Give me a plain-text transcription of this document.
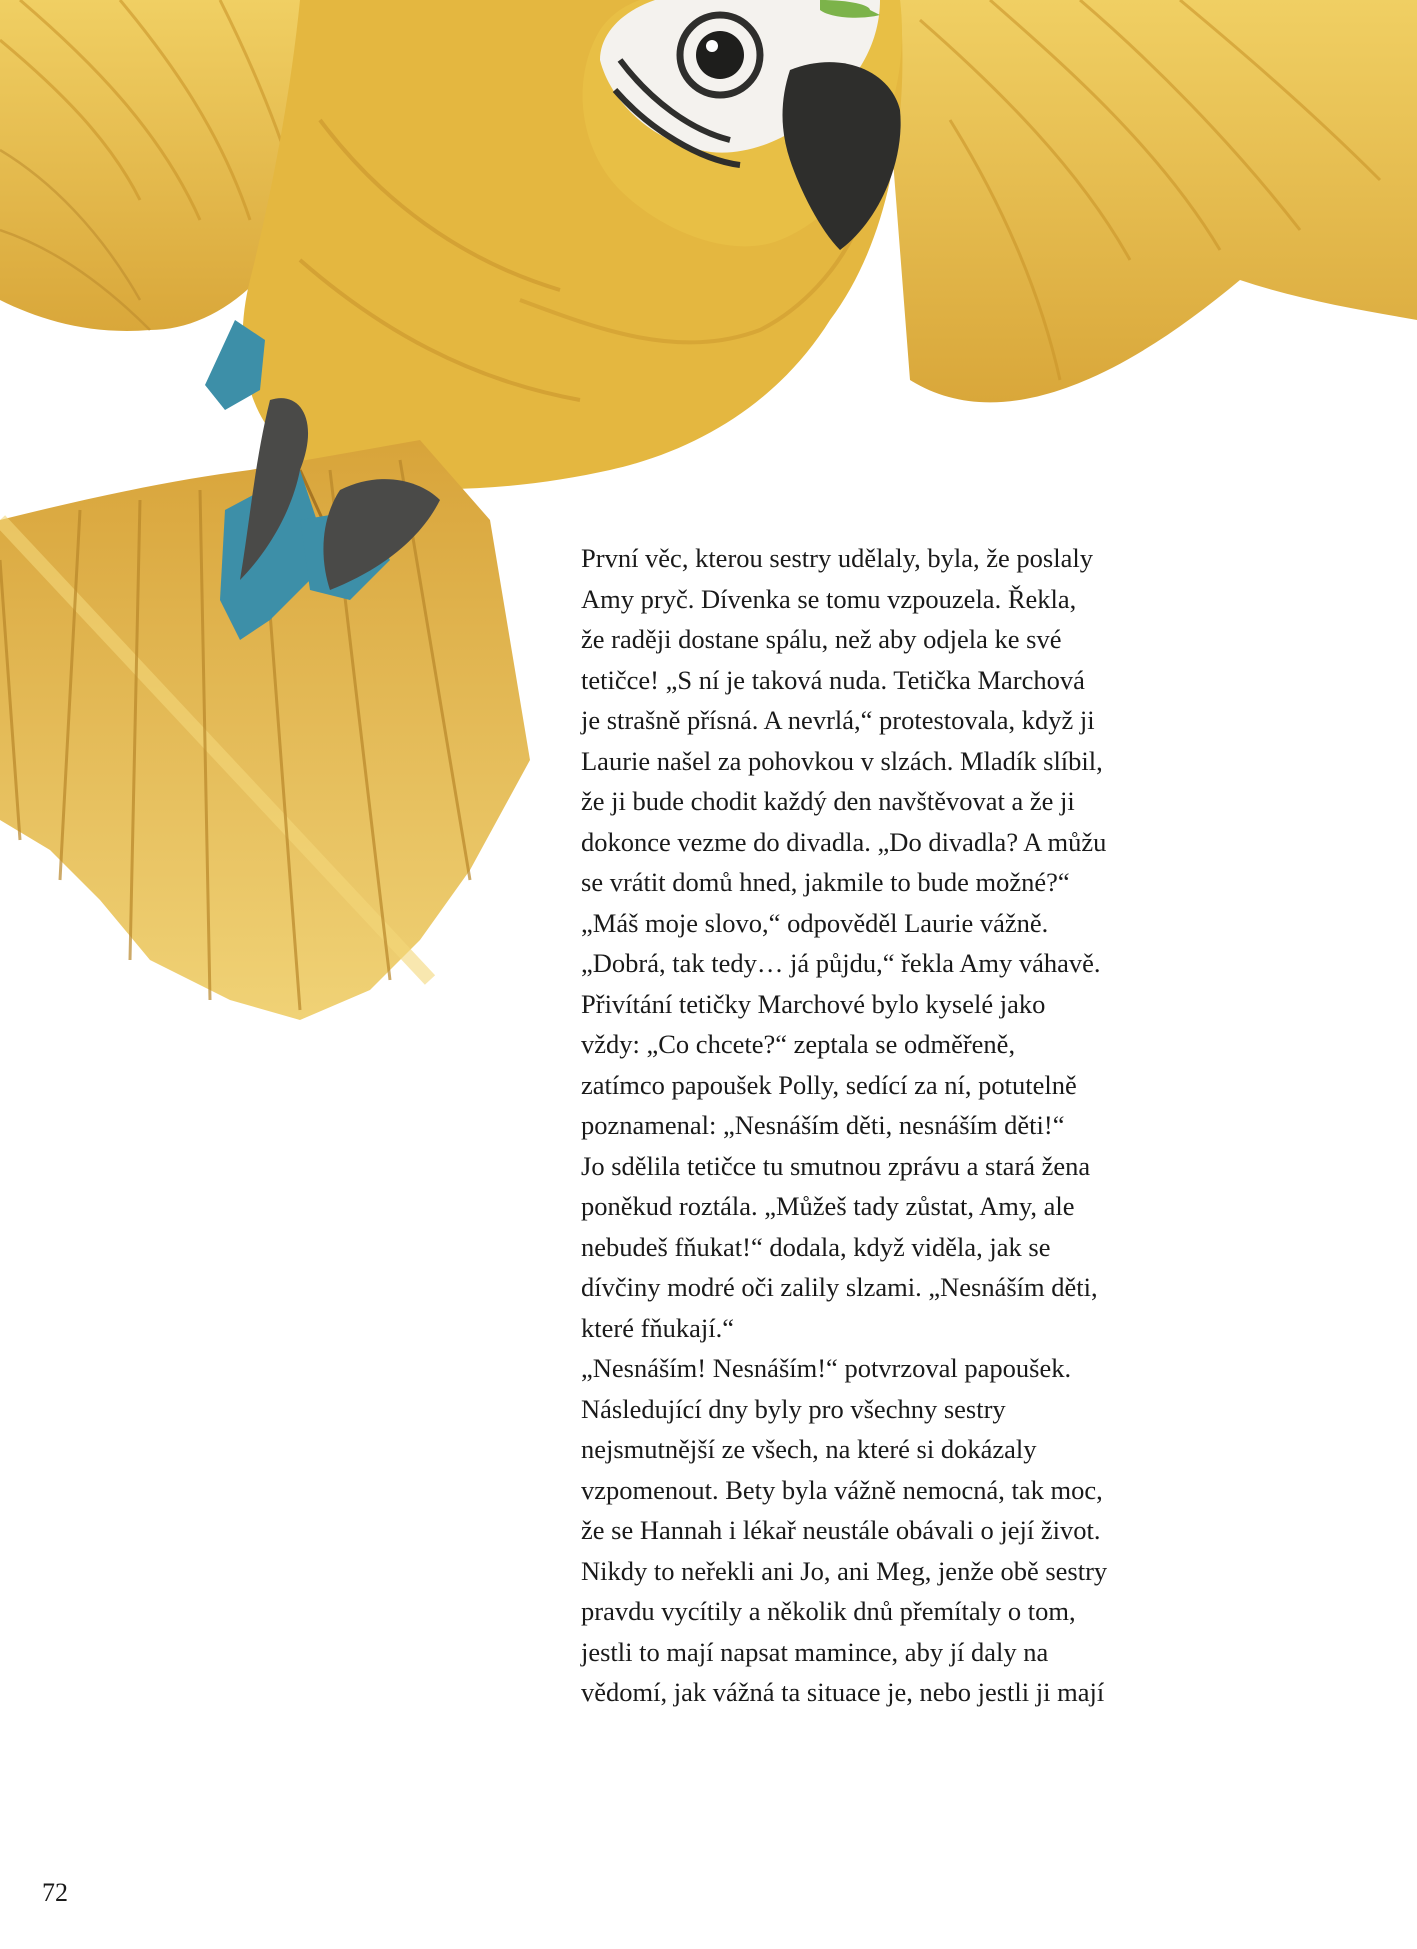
První věc, kterou sestry udělaly, byla, že poslaly
Amy pryč. Dívenka se tomu vzpouzela. Řekla,
že raději dostane spálu, než aby odjela ke své
tetičce! „S ní je taková nuda. Tetička Marchová
je strašně přísná. A nevrlá,“ protestovala, když ji
Laurie našel za pohovkou v slzách. Mladík slíbil,
že ji bude chodit každý den navštěvovat a že ji
dokonce vezme do divadla. „Do divadla? A můžu
se vrátit domů hned, jakmile to bude možné?“
„Máš moje slovo,“ odpověděl Laurie vážně.
„Dobrá, tak tedy… já půjdu,“ řekla Amy váhavě.
Přivítání tetičky Marchové bylo kyselé jako
vždy: „Co chcete?“ zeptala se odměřeně,
zatímco papoušek Polly, sedící za ní, potutelně
poznamenal: „Nesnáším děti, nesnáším děti!“
Jo sdělila tetičce tu smutnou zprávu a stará žena
poněkud roztála. „Můžeš tady zůstat, Amy, ale
nebudeš fňukat!“ dodala, když viděla, jak se
dívčiny modré oči zalily slzami. „Nesnáším děti,
které fňukají.“
„Nesnáším! Nesnáším!“ potvrzoval papoušek.
Následující dny byly pro všechny sestry
nejsmutnější ze všech, na které si dokázaly
vzpomenout. Bety byla vážně nemocná, tak moc,
že se Hannah i lékař neustále obávali o její život.
Nikdy to neřekli ani Jo, ani Meg, jenže obě sestry
pravdu vycítily a několik dnů přemítaly o tom,
jestli to mají napsat mamince, aby jí daly na
vědomí, jak vážná ta situace je, nebo jestli ji mají
72
